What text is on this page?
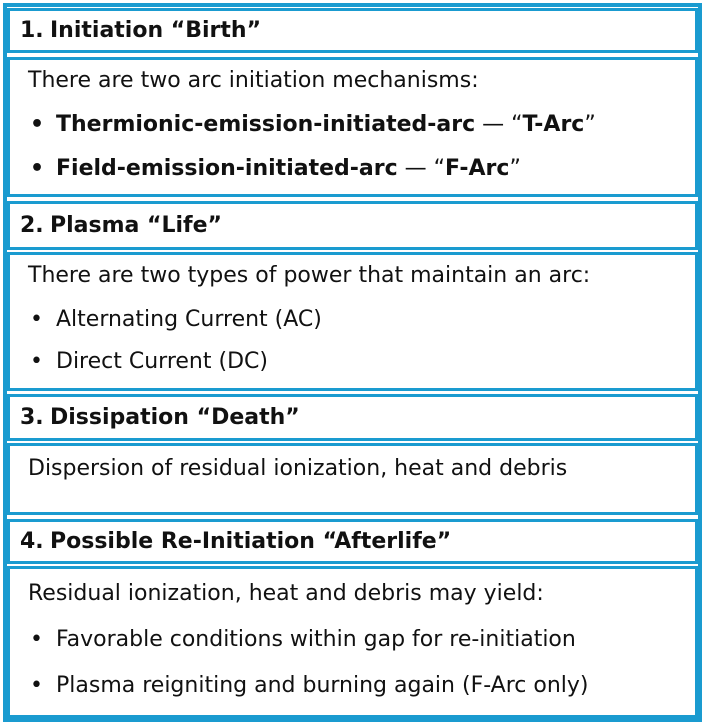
1. Initiation “Birth”
There are two arc initiation mechanisms:
• Thermionic-emission-initiated-arc — “T-Arc”
• Field-emission-initiated-arc — “F-Arc”
2. Plasma “Life”
There are two types of power that maintain an arc:
• Alternating Current (AC)
• Direct Current (DC)
3. Dissipation “Death”
Dispersion of residual ionization, heat and debris
4. Possible Re-Initiation “Afterlife”
Residual ionization, heat and debris may yield:
• Favorable conditions within gap for re-initiation
• Plasma reigniting and burning again (F-Arc only)
